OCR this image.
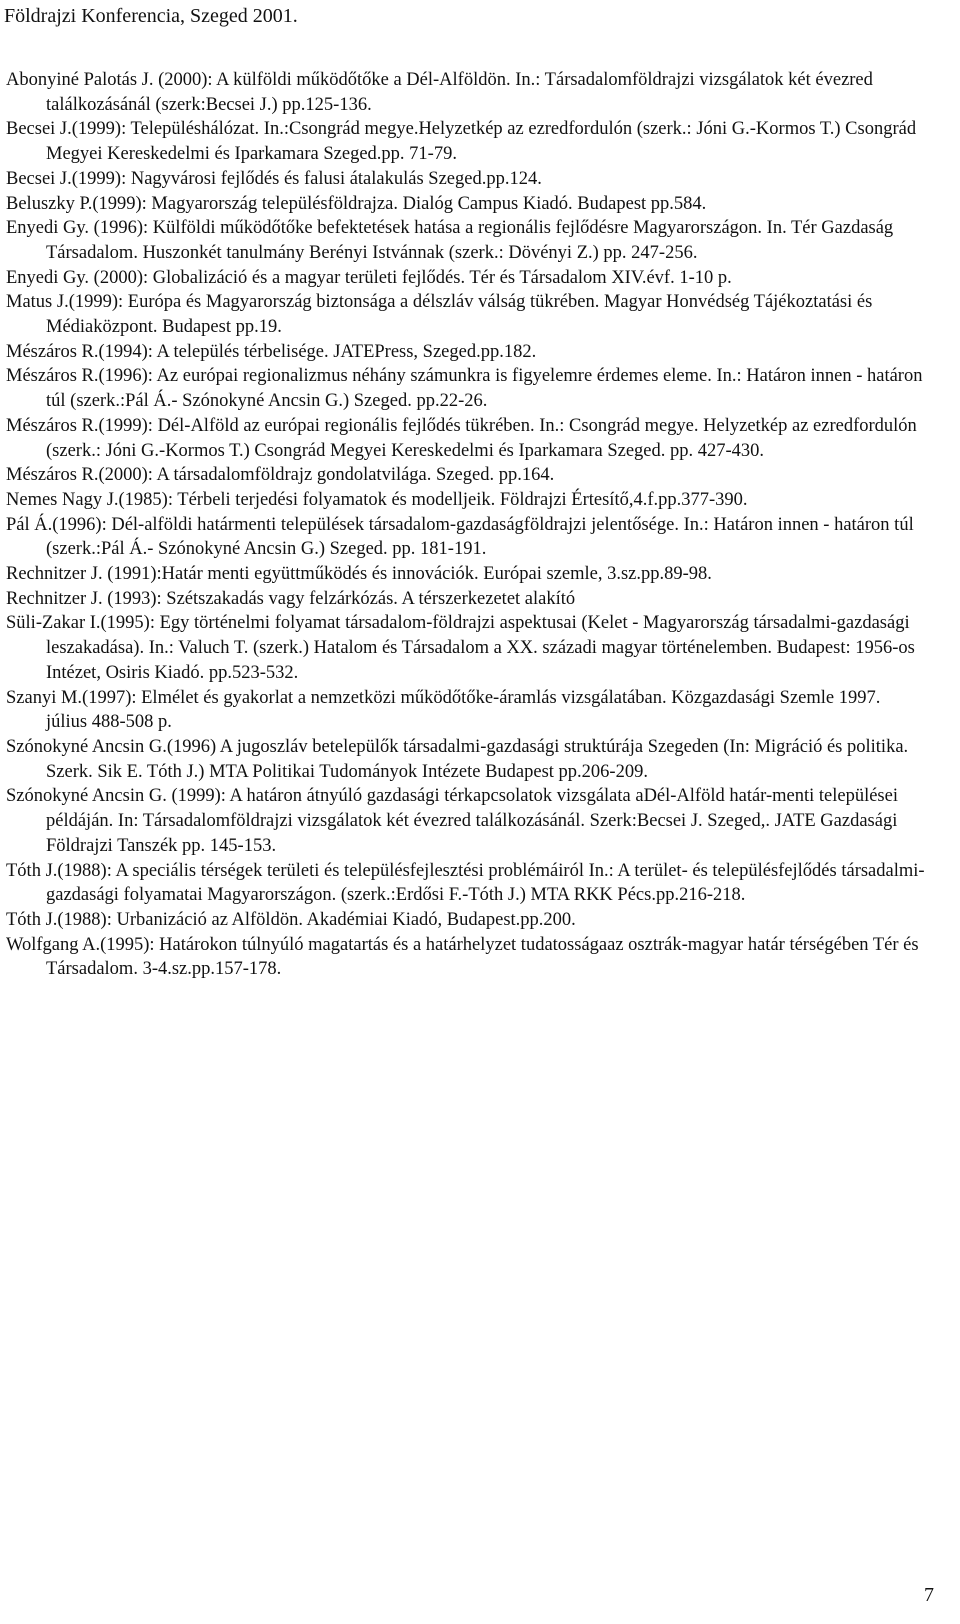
Földrajzi Konferencia, Szeged 2001.
Abonyiné Palotás J. (2000): A külföldi működőtőke a Dél-Alföldön. In.: Társadalomföldrajzi vizsgálatok két évezred találkozásánál (szerk:Becsei J.) pp.125-136.
Becsei J.(1999): Településhálózat. In.:Csongrád megye.Helyzetkép az ezredfordulón (szerk.: Jóni G.-Kormos T.) Csongrád Megyei Kereskedelmi és Iparkamara Szeged.pp. 71-79.
Becsei J.(1999): Nagyvárosi fejlődés és falusi átalakulás Szeged.pp.124.
Beluszky P.(1999): Magyarország településföldrajza. Dialóg Campus Kiadó. Budapest pp.584.
Enyedi Gy. (1996): Külföldi működőtőke befektetések hatása a regionális fejlődésre Magyarországon. In. Tér Gazdaság Társadalom. Huszonkét tanulmány Berényi Istvánnak (szerk.: Dövényi Z.) pp. 247-256.
Enyedi Gy. (2000): Globalizáció és a magyar területi fejlődés. Tér és Társadalom XIV.évf. 1-10 p.
Matus J.(1999): Európa és Magyarország biztonsága a délszláv válság tükrében. Magyar Honvédség Tájékoztatási és Médiaközpont. Budapest pp.19.
Mészáros R.(1994): A település térbelisége. JATEPress, Szeged.pp.182.
Mészáros R.(1996): Az európai regionalizmus néhány számunkra is figyelemre érdemes eleme. In.: Határon innen - határon túl (szerk.:Pál Á.- Szónokyné Ancsin G.) Szeged. pp.22-26.
Mészáros R.(1999): Dél-Alföld az európai regionális fejlődés tükrében. In.: Csongrád megye. Helyzetkép az ezredfordulón (szerk.: Jóni G.-Kormos T.) Csongrád Megyei Kereskedelmi és Iparkamara Szeged. pp. 427-430.
Mészáros R.(2000): A társadalomföldrajz gondolatvilága. Szeged. pp.164.
Nemes Nagy J.(1985): Térbeli terjedési folyamatok és modelljeik. Földrajzi Értesítő,4.f.pp.377-390.
Pál Á.(1996): Dél-alföldi határmenti települések társadalom-gazdaságföldrajzi jelentősége. In.: Határon innen - határon túl (szerk.:Pál Á.- Szónokyné Ancsin G.) Szeged. pp. 181-191.
Rechnitzer J. (1991):Határ menti együttműködés és innovációk. Európai szemle, 3.sz.pp.89-98.
Rechnitzer J. (1993): Szétszakadás vagy felzárkózás. A térszerkezetet alakító
Süli-Zakar I.(1995): Egy történelmi folyamat társadalom-földrajzi aspektusai (Kelet - Magyarország társadalmi-gazdasági leszakadása). In.: Valuch T. (szerk.) Hatalom és Társadalom a XX. századi magyar történelemben. Budapest: 1956-os Intézet, Osiris Kiadó. pp.523-532.
Szanyi M.(1997): Elmélet és gyakorlat a nemzetközi működőtőke-áramlás vizsgálatában. Közgazdasági Szemle 1997. július 488-508 p.
Szónokyné Ancsin G.(1996) A jugoszláv betelepülők társadalmi-gazdasági struktúrája Szegeden (In: Migráció és politika. Szerk. Sik E. Tóth J.) MTA Politikai Tudományok Intézete Budapest pp.206-209.
Szónokyné Ancsin G. (1999): A határon átnyúló gazdasági térkapcsolatok vizsgálata aDél-Alföld határ-menti települései példáján. In: Társadalomföldrajzi vizsgálatok két évezred találkozásánál. Szerk:Becsei J. Szeged,. JATE Gazdasági Földrajzi Tanszék pp. 145-153.
Tóth J.(1988): A speciális térségek területi és településfejlesztési problémáiról In.: A terület- és településfejlődés társadalmi-gazdasági folyamatai Magyarországon. (szerk.:Erdősi F.-Tóth J.) MTA RKK Pécs.pp.216-218.
Tóth J.(1988): Urbanizáció az Alföldön. Akadémiai Kiadó, Budapest.pp.200.
Wolfgang A.(1995): Határokon túlnyúló magatartás és a határhelyzet tudatosságaaz osztrák-magyar határ térségében Tér és Társadalom. 3-4.sz.pp.157-178.
7
